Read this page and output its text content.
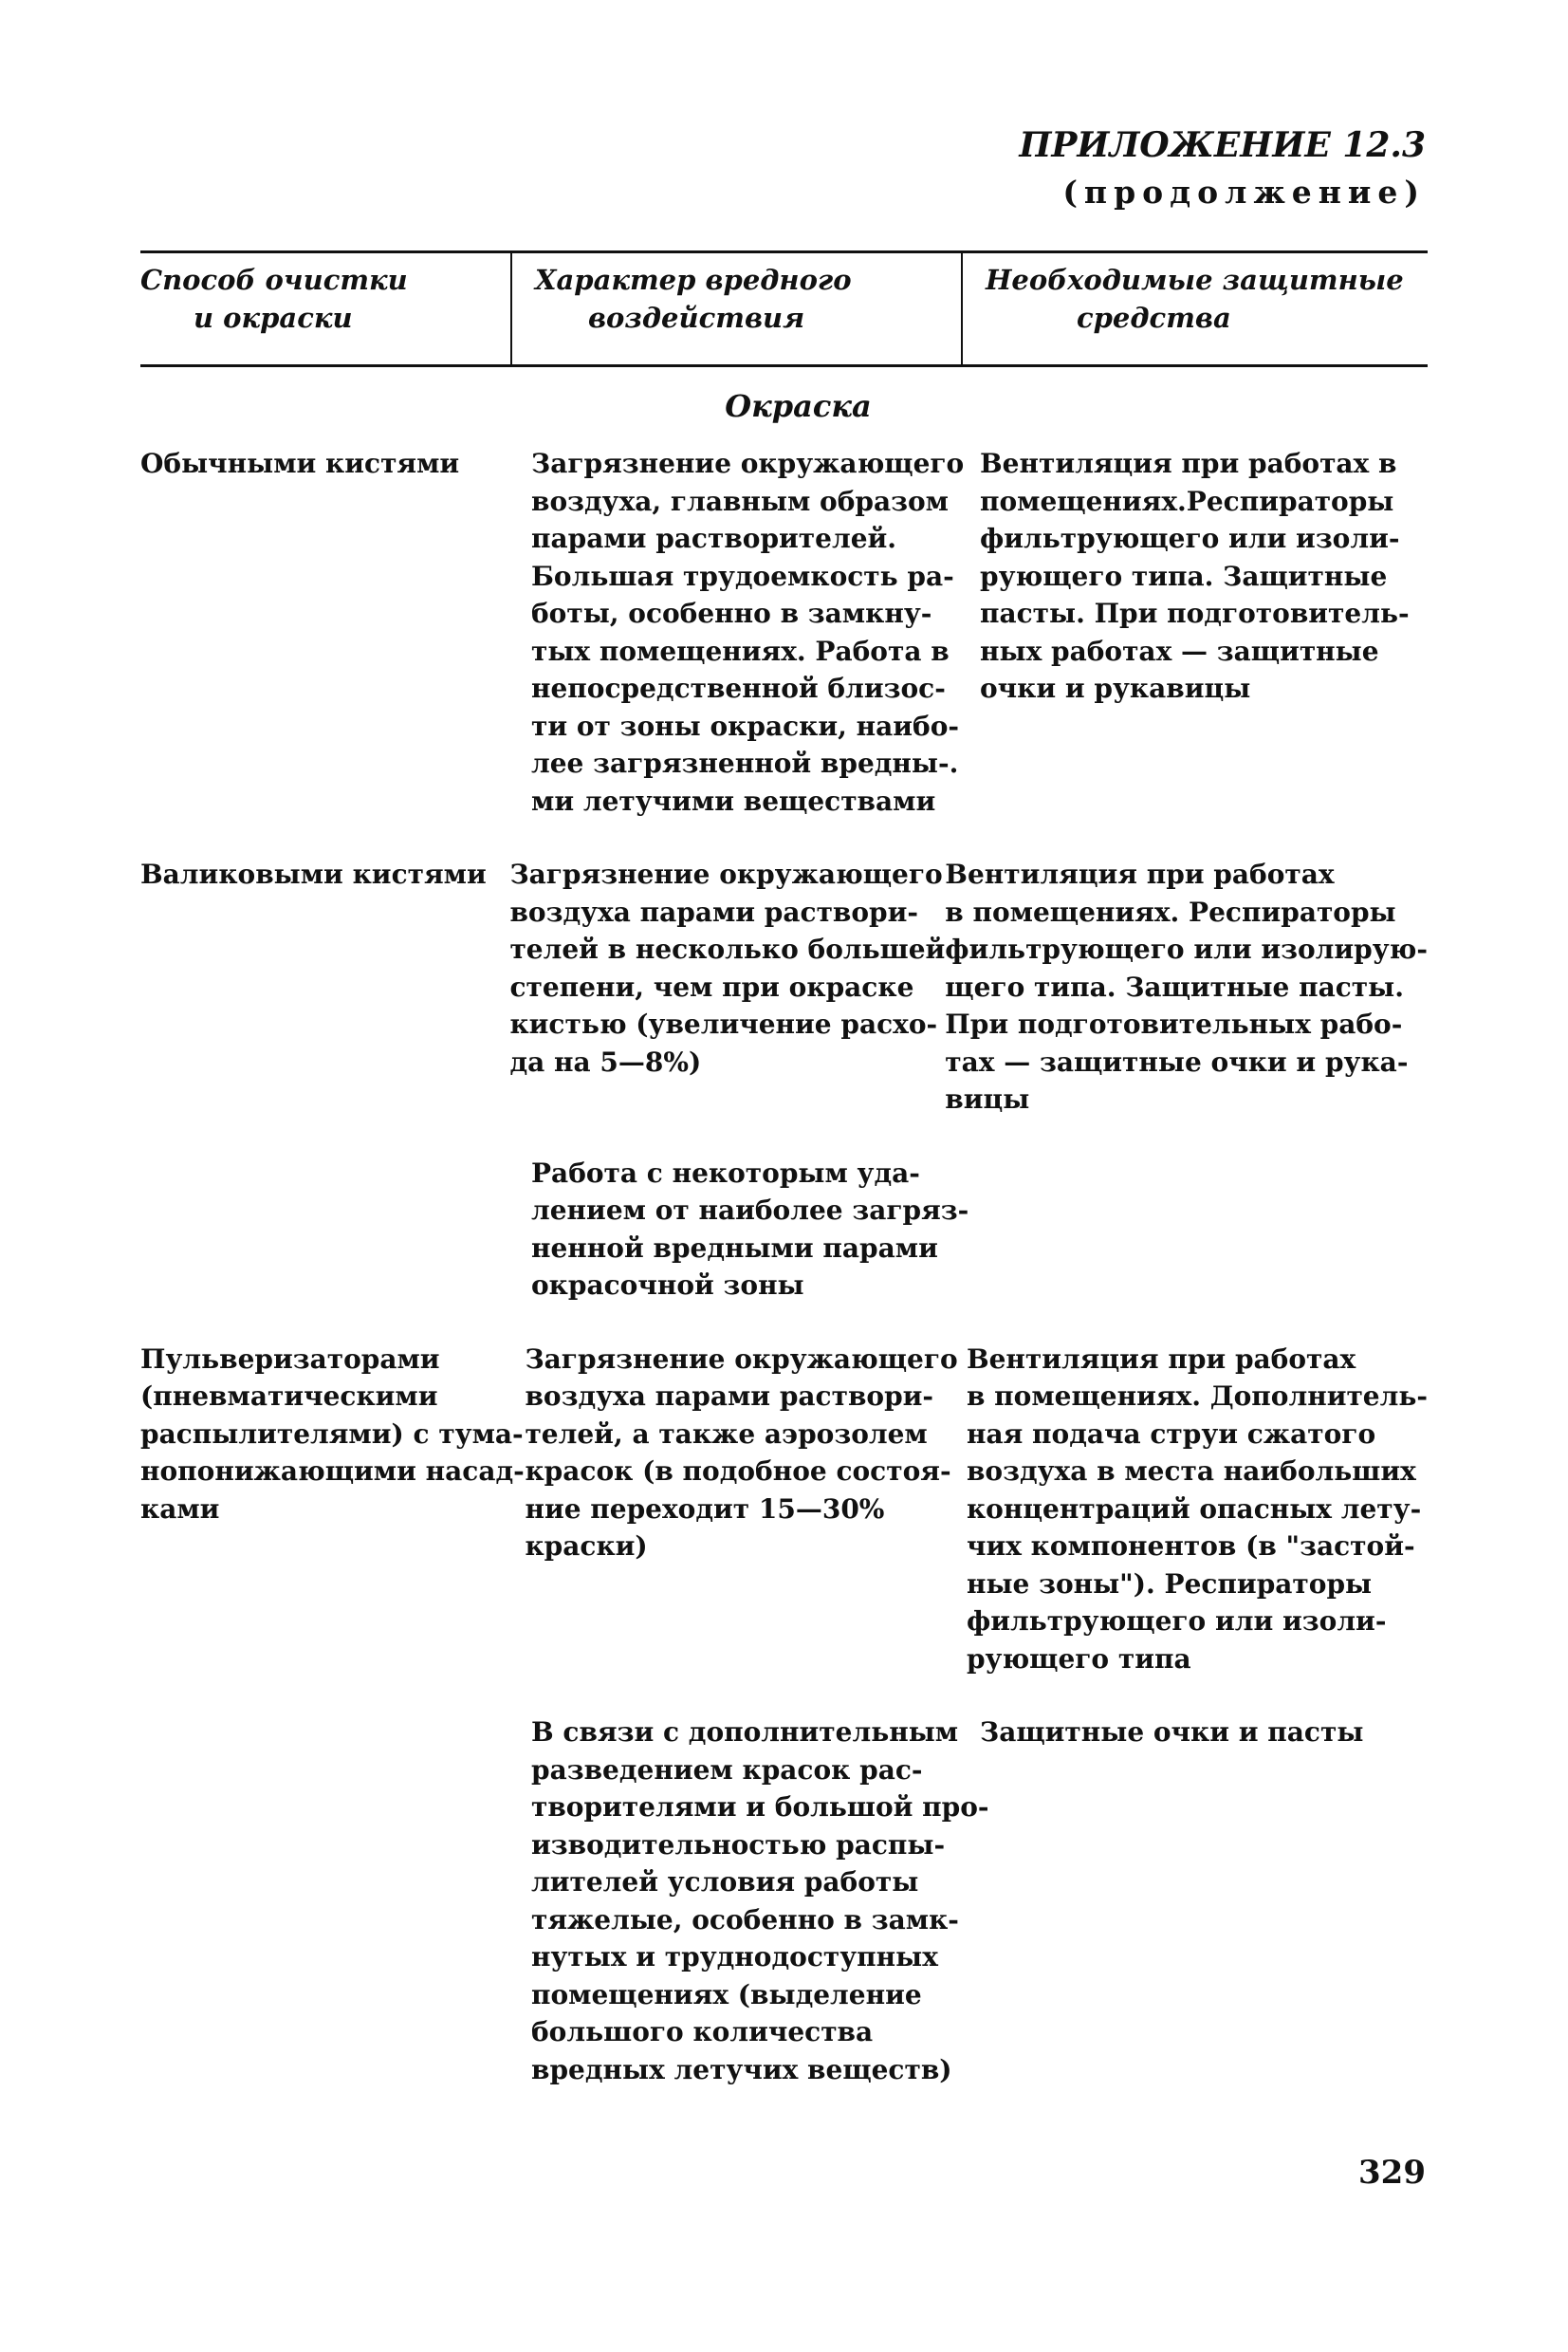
ПРИЛОЖЕНИЕ 12.3
(продолжение)
Способ очистки
и окраски
Характер вредного
воздействия
Необходимые защитные
средства
Окраска
Обычными кистями	Загрязнение окружающего
воздуха, главным образом
парами растворителей.
Большая трудоемкость ра-
боты, особенно в замкну-
тых помещениях. Работа в
непосредственной близос-
ти от зоны окраски, наибо-
лее загрязненной вредны-.
ми летучими веществами
Вентиляция при работах в
помещениях.Респираторы
фильтрующего или изоли-
рующего типа. Защитные
пасты. При подготовитель-
ных работах — защитные
очки и рукавицы
Валиковыми кистями Загрязнение окружающего
воздуха парами раствори-
телей в несколько большей
степени, чем при окраске
кистью (увеличение расхо-
да на 5—8%)
Вентиляция при работах
в помещениях. Респираторы
фильтрующего или изолирую-
щего типа. Защитные пасты.
При подготовительных рабо-
тах — защитные очки и рука-
вицы
Работа с некоторым уда-
лением от наиболее загряз-
ненной вредными парами
окрасочной зоны
Пульверизаторами
(пневматическими
распылителями) с тума-
нопонижающими насад-
ками
Загрязнение окружающего
воздуха парами раствори-
телей, а также аэрозолем
красок (в подобное состоя-
ние переходит 15—30%
краски)
Вентиляция при работах
в помещениях. Дополнитель-
ная подача струи сжатого
воздуха в места наибольших
концентраций опасных лету-
чих компонентов (в "застой-
ные зоны"). Респираторы
фильтрующего или изоли-
рующего типа
В связи с дополнительным
разведением красок рас-
творителями и большой про-
изводительностью распы-
лителей условия работы
тяжелые, особенно в замк-
нутых и труднодоступных
помещениях (выделение
большого количества
вредных летучих веществ)
Защитные очки и пасты
329
